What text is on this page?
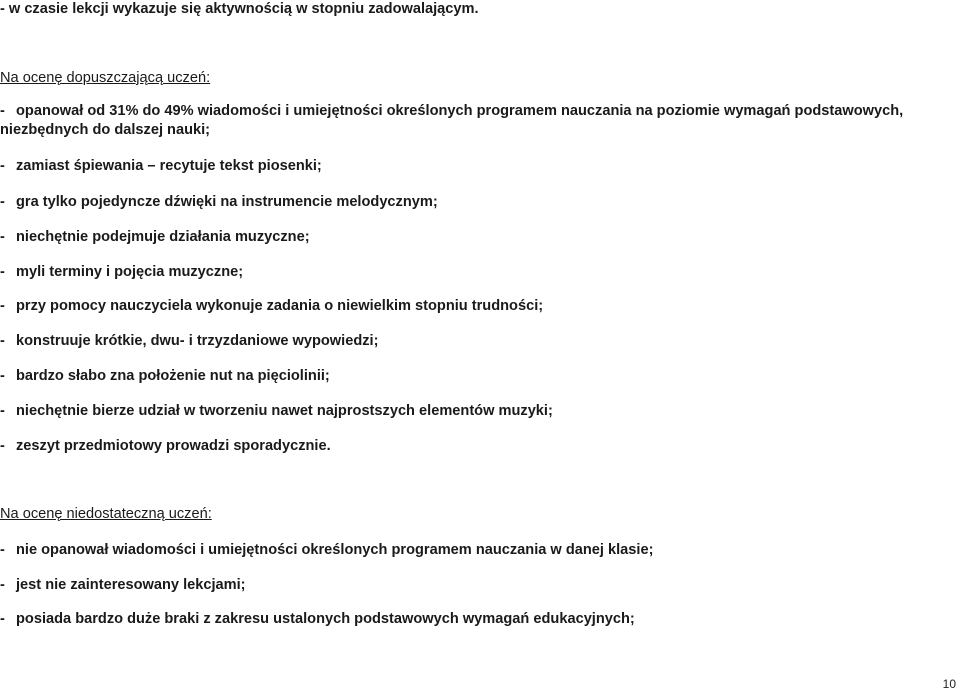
- w czasie lekcji wykazuje się aktywnością w stopniu zadowalającym.
Na ocenę dopuszczającą uczeń:
- opanował od 31% do 49% wiadomości i umiejętności określonych programem nauczania na poziomie wymagań podstawowych, niezbędnych do dalszej nauki;
- zamiast śpiewania – recytuje tekst piosenki;
- gra tylko pojedyncze dźwięki na instrumencie melodycznym;
- niechętnie podejmuje działania muzyczne;
- myli terminy i pojęcia muzyczne;
- przy pomocy nauczyciela wykonuje zadania o niewielkim stopniu trudności;
- konstruuje krótkie, dwu- i trzyzdaniowe wypowiedzi;
- bardzo słabo zna położenie nut na pięciolinii;
- niechętnie bierze udział w tworzeniu nawet najprostszych elementów muzyki;
- zeszyt przedmiotowy prowadzi sporadycznie.
Na ocenę niedostateczną uczeń:
- nie opanował wiadomości i umiejętności określonych programem nauczania w danej klasie;
- jest nie zainteresowany lekcjami;
- posiada bardzo duże braki z zakresu ustalonych podstawowych wymagań edukacyjnych;
10
